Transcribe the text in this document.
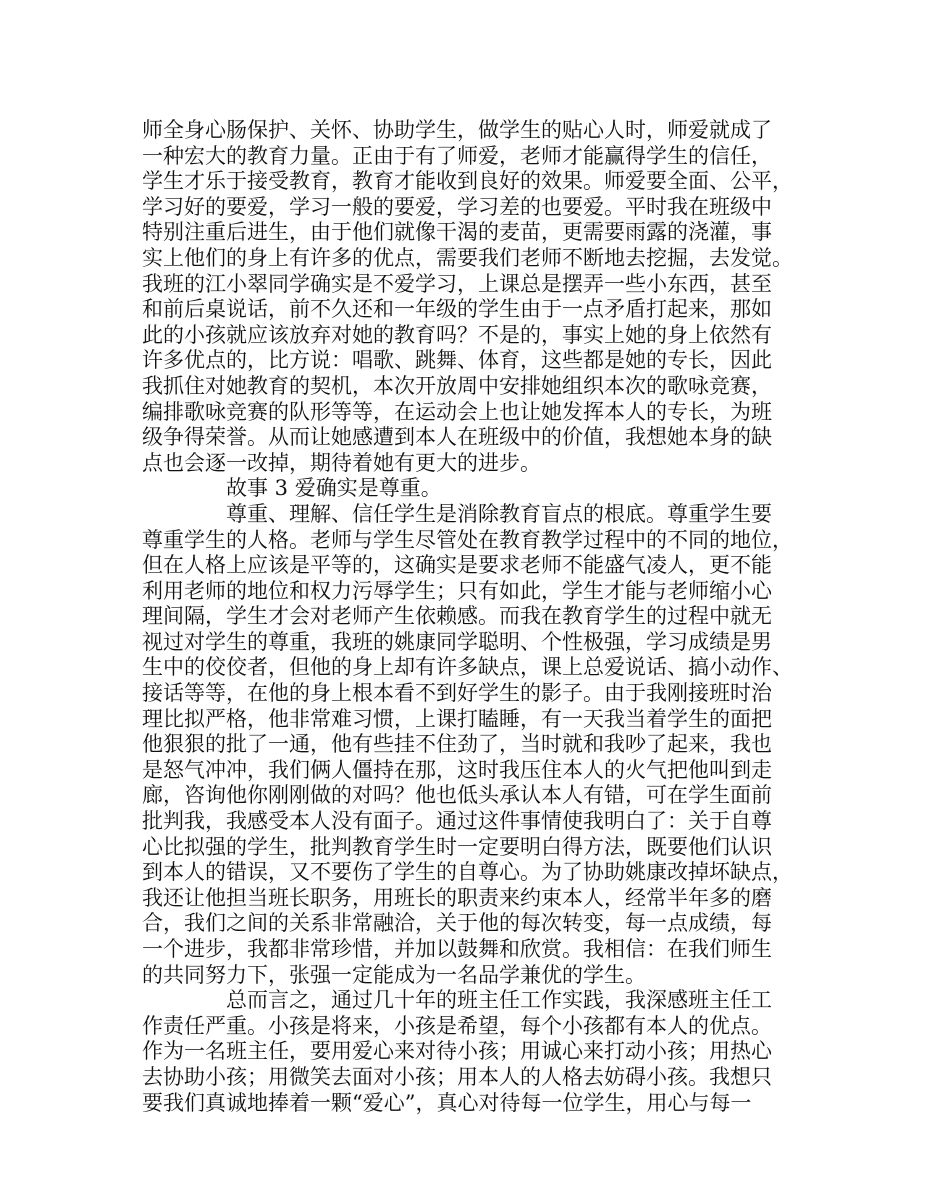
师全身心肠保护、关怀、协助学生，做学生的贴心人时，师爱就成了
一种宏大的教育力量。正由于有了师爱，老师才能赢得学生的信任，
学生才乐于接受教育，教育才能收到良好的效果。师爱要全面、公平，
学习好的要爱，学习一般的要爱，学习差的也要爱。平时我在班级中
特别注重后进生，由于他们就像干渴的麦苗，更需要雨露的浇灌，事
实上他们的身上有许多的优点，需要我们老师不断地去挖掘，去发觉。
我班的江小翠同学确实是不爱学习，上课总是摆弄一些小东西，甚至
和前后桌说话，前不久还和一年级的学生由于一点矛盾打起来，那如
此的小孩就应该放弃对她的教育吗？不是的，事实上她的身上依然有
许多优点的，比方说：唱歌、跳舞、体育，这些都是她的专长，因此
我抓住对她教育的契机，本次开放周中安排她组织本次的歌咏竞赛，
编排歌咏竞赛的队形等等，在运动会上也让她发挥本人的专长，为班
级争得荣誉。从而让她感遭到本人在班级中的价值，我想她本身的缺
点也会逐一改掉，期待着她有更大的进步。
故事 3 爱确实是尊重。
尊重、理解、信任学生是消除教育盲点的根底。尊重学生要
尊重学生的人格。老师与学生尽管处在教育教学过程中的不同的地位，
但在人格上应该是平等的，这确实是要求老师不能盛气凌人，更不能
利用老师的地位和权力污辱学生；只有如此，学生才能与老师缩小心
理间隔，学生才会对老师产生依赖感。而我在教育学生的过程中就无
视过对学生的尊重，我班的姚康同学聪明、个性极强，学习成绩是男
生中的佼佼者，但他的身上却有许多缺点，课上总爱说话、搞小动作、
接话等等，在他的身上根本看不到好学生的影子。由于我刚接班时治
理比拟严格，他非常难习惯，上课打瞌睡，有一天我当着学生的面把
他狠狠的批了一通，他有些挂不住劲了，当时就和我吵了起来，我也
是怒气冲冲，我们俩人僵持在那，这时我压住本人的火气把他叫到走
廊，咨询他你刚刚做的对吗？他也低头承认本人有错，可在学生面前
批判我，我感受本人没有面子。通过这件事情使我明白了：关于自尊
心比拟强的学生，批判教育学生时一定要明白得方法，既要他们认识
到本人的错误，又不要伤了学生的自尊心。为了协助姚康改掉坏缺点，
我还让他担当班长职务，用班长的职责来约束本人，经常半年多的磨
合，我们之间的关系非常融洽，关于他的每次转变，每一点成绩，每
一个进步，我都非常珍惜，并加以鼓舞和欣赏。我相信：在我们师生
的共同努力下，张强一定能成为一名品学兼优的学生。
总而言之，通过几十年的班主任工作实践，我深感班主任工
作责任严重。小孩是将来，小孩是希望，每个小孩都有本人的优点。
作为一名班主任，要用爱心来对待小孩；用诚心来打动小孩；用热心
去协助小孩；用微笑去面对小孩；用本人的人格去妨碍小孩。我想只
要我们真诚地捧着一颗“爱心”，真心对待每一位学生，用心与每一
